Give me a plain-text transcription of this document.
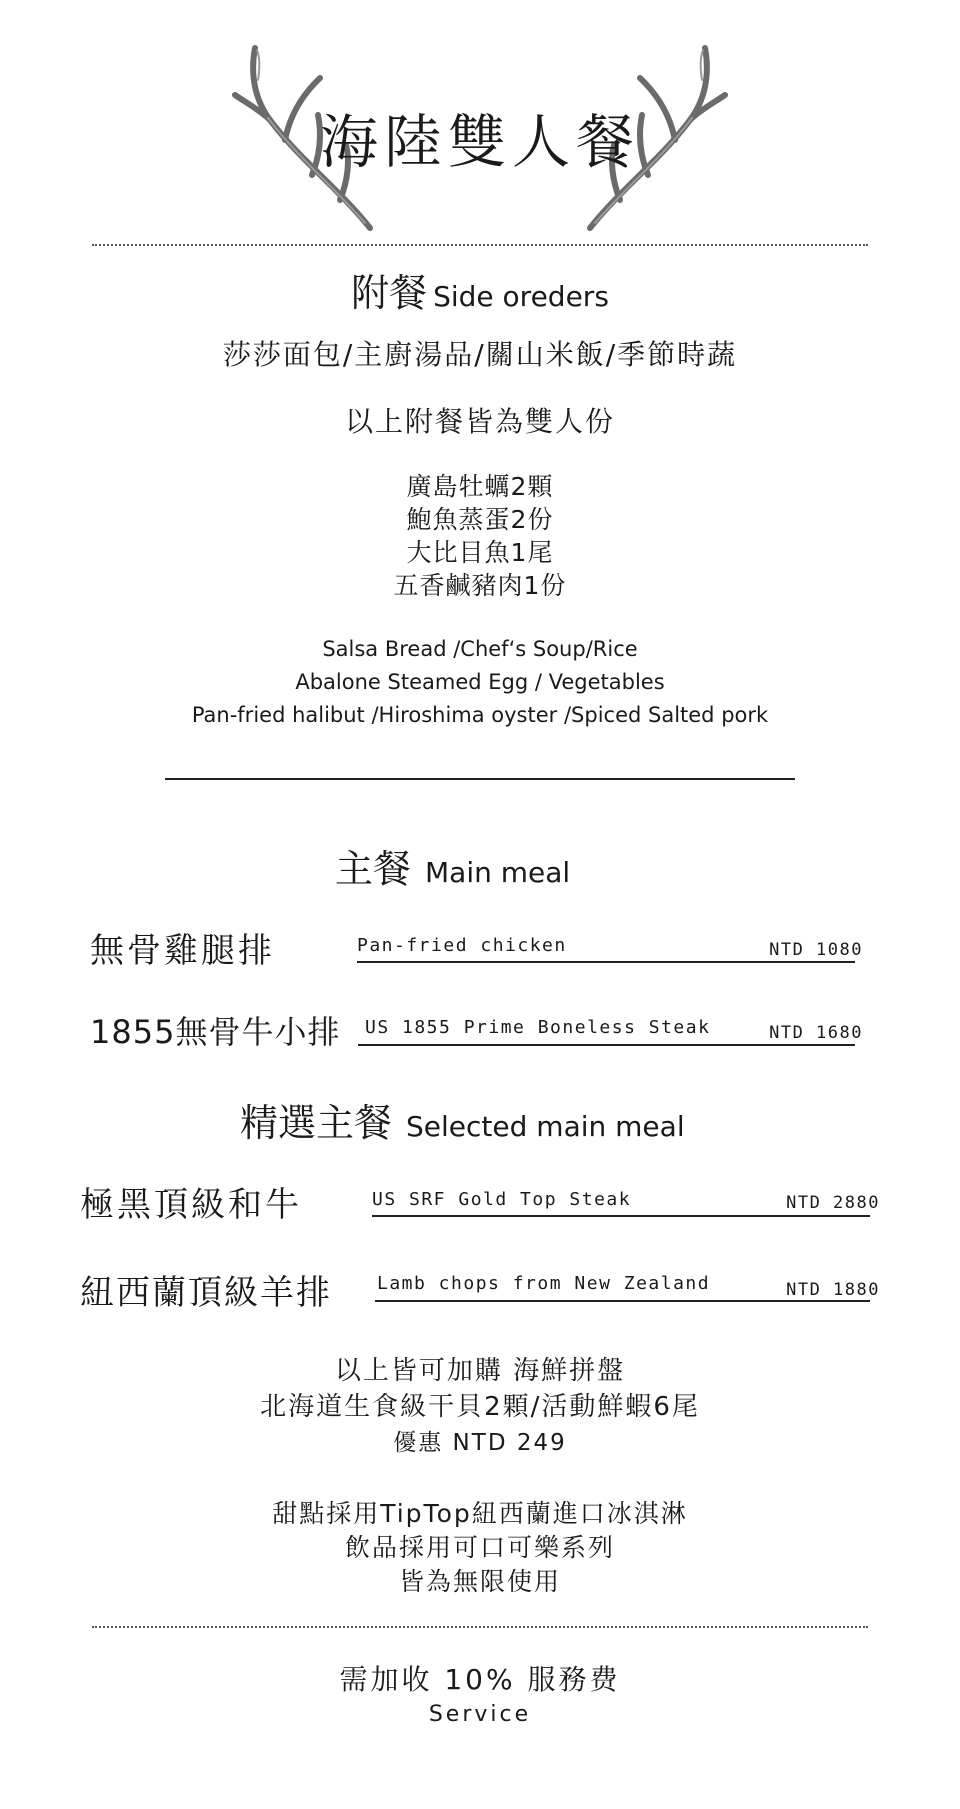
海陸雙人餐
附餐 Side oreders
莎莎面包/主廚湯品/關山米飯/季節時蔬
以上附餐皆為雙人份
廣島牡蠣2顆
鮑魚蒸蛋2份
大比目魚1尾
五香鹹豬肉1份
Salsa Bread /Chef‘s Soup/Rice
Abalone Steamed Egg / Vegetables
Pan-fried halibut /Hiroshima oyster /Spiced Salted pork
主餐 Main meal
無骨雞腿排	Pan-fried chicken	NTD 1080
1855無骨牛小排 US 1855 Prime Boneless Steak	NTD 1680
精選主餐 Selected main meal
極黑頂級和牛	US SRF Gold Top Steak	NTD 2880
紐西蘭頂級羊排	Lamb chops from New Zealand	NTD 1880
以上皆可加購 海鮮拼盤
北海道生食級干貝2顆/活動鮮蝦6尾
優惠 NTD 249
甜點採用TipTop紐西蘭進口冰淇淋
飲品採用可口可樂系列
皆為無限使用
需加收 10% 服務费
Service
